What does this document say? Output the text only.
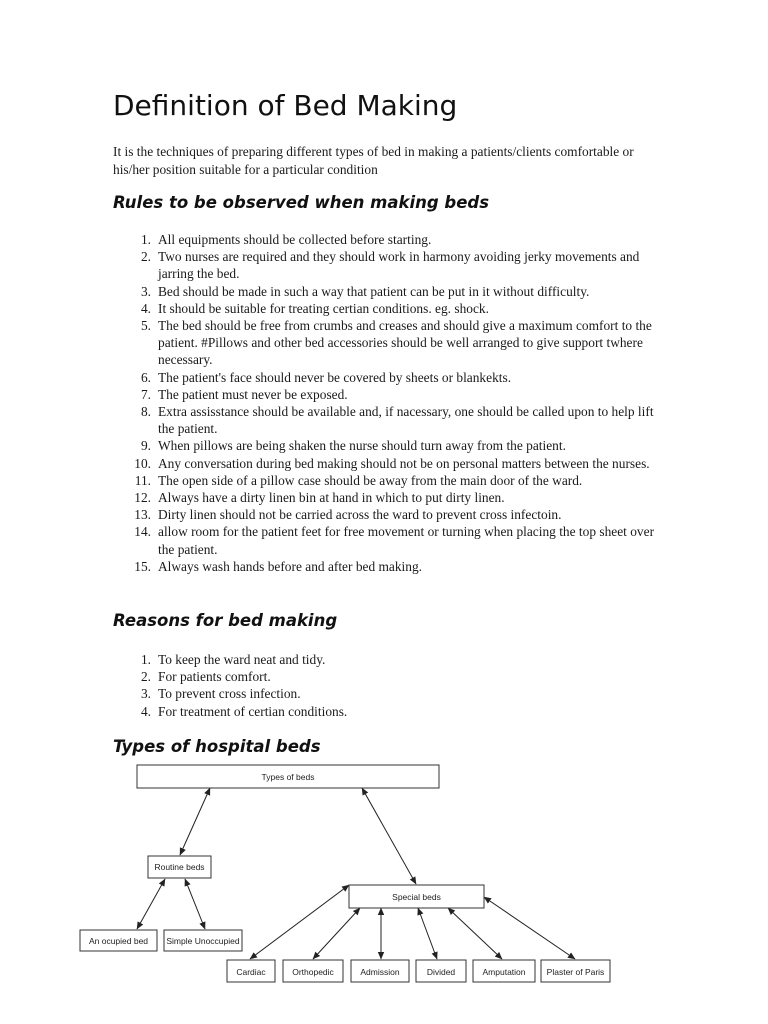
Definition of Bed Making

It is the techniques of preparing different types of bed in making a patients/clients comfortable or his/her position suitable for a particular condition

Rules to be observed when making beds
1. All equipments should be collected before starting.
2. Two nurses are required and they should work in harmony avoiding jerky movements and jarring the bed.
3. Bed should be made in such a way that patient can be put in it without difficulty.
4. It should be suitable for treating certian conditions. eg. shock.
5. The bed should be free from crumbs and creases and should give a maximum comfort to the patient. #Pillows and other bed accessories should be well arranged to give support twhere necessary.
6. The patient's face should never be covered by sheets or blankekts.
7. The patient must never be exposed.
8. Extra assisstance should be available and, if nacessary, one should be called upon to help lift the patient.
9. When pillows are being shaken the nurse should turn away from the patient.
10. Any conversation during bed making should not be on personal matters between the nurses.
11. The open side of a pillow case should be away from the main door of the ward.
12. Always have a dirty linen bin at hand in which to put dirty linen.
13. Dirty linen should not be carried across the ward to prevent cross infectoin.
14. allow room for the patient feet for free movement or turning when placing the top sheet over the patient.
15. Always wash hands before and after bed making.
Reasons for bed making
1. To keep the ward neat and tidy.
2. For patients comfort.
3. To prevent cross infection.
4. For treatment of certian conditions.
Types of hospital beds
Types of beds
Routine beds
An ocupied bed Simple Unoccupied
Special beds
Cardiac	Orthopedic	Admission	Divided	Amputation Plaster of Paris
